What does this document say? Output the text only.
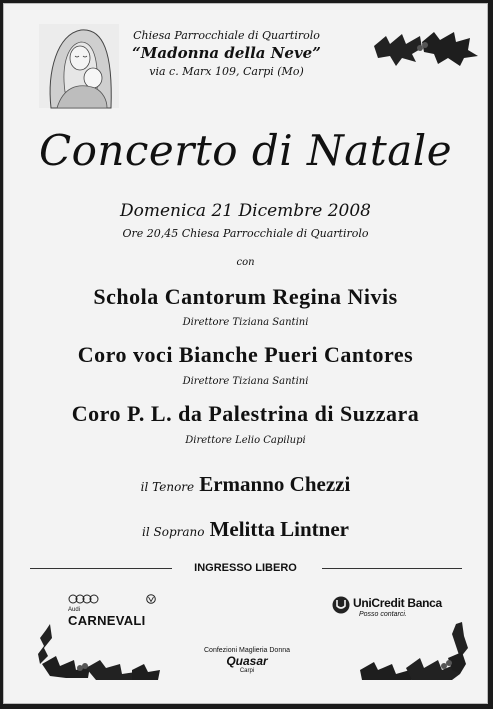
Chiesa Parrocchiale di Quartirolo
“Madonna della Neve”
via c. Marx 109, Carpi (Mo)
Concerto di Natale
Domenica 21 Dicembre 2008
Ore 20,45 Chiesa Parrocchiale di Quartirolo
con
Schola Cantorum Regina Nivis
Direttore Tiziana Santini
Coro voci Bianche Pueri Cantores
Direttore Tiziana Santini
Coro P. L. da Palestrina di Suzzara
Direttore Lelio Capilupi
il Tenore Ermanno Chezzi
il Soprano Melitta Lintner
INGRESSO LIBERO
Audi
CARNEVALI
UniCredit Banca
Posso contarci.
Confezioni Maglieria Donna
Quasar
Carpi
